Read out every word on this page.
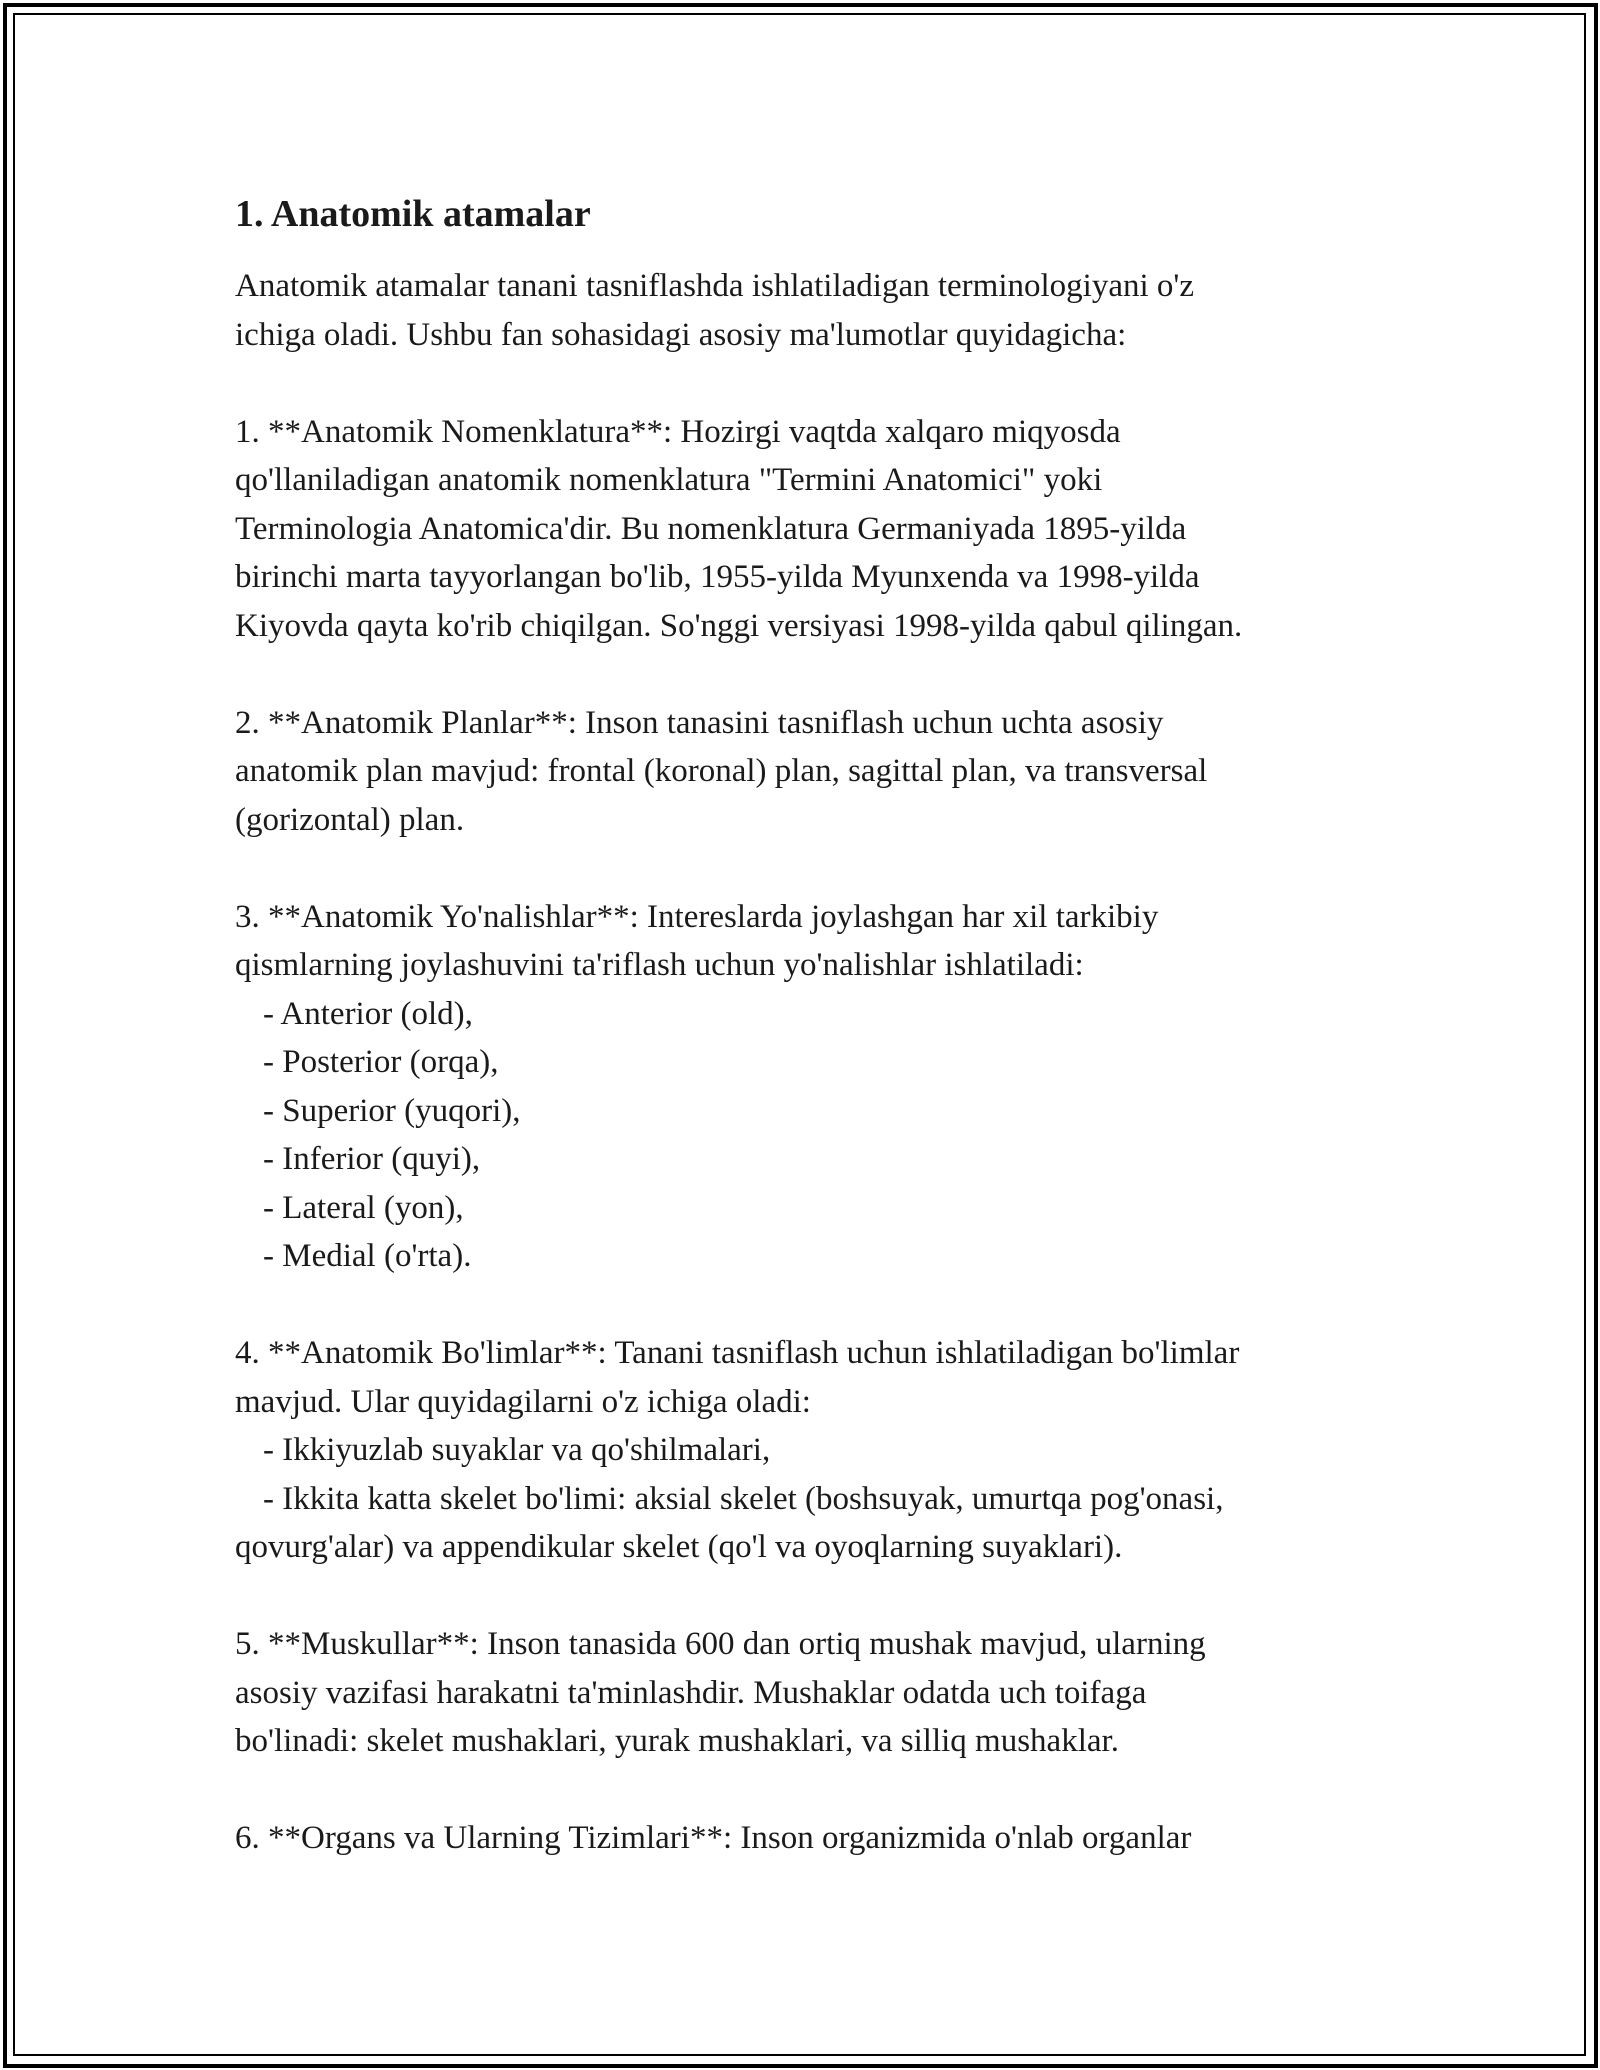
1. Anatomik atamalar
Anatomik atamalar tanani tasniflashda ishlatiladigan terminologiyani o'z
ichiga oladi. Ushbu fan sohasidagi asosiy ma'lumotlar quyidagicha:
1. **Anatomik Nomenklatura**: Hozirgi vaqtda xalqaro miqyosda
qo'llaniladigan anatomik nomenklatura "Termini Anatomici" yoki
Terminologia Anatomica'dir. Bu nomenklatura Germaniyada 1895-yilda
birinchi marta tayyorlangan bo'lib, 1955-yilda Myunxenda va 1998-yilda
Kiyovda qayta ko'rib chiqilgan. So'nggi versiyasi 1998-yilda qabul qilingan.
2. **Anatomik Planlar**: Inson tanasini tasniflash uchun uchta asosiy
anatomik plan mavjud: frontal (koronal) plan, sagittal plan, va transversal
(gorizontal) plan.
3. **Anatomik Yo'nalishlar**: Intereslarda joylashgan har xil tarkibiy
qismlarning joylashuvini ta'riflash uchun yo'nalishlar ishlatiladi:
- Anterior (old),
- Posterior (orqa),
- Superior (yuqori),
- Inferior (quyi),
- Lateral (yon),
- Medial (o'rta).
4. **Anatomik Bo'limlar**: Tanani tasniflash uchun ishlatiladigan bo'limlar
mavjud. Ular quyidagilarni o'z ichiga oladi:
- Ikkiyuzlab suyaklar va qo'shilmalari,
- Ikkita katta skelet bo'limi: aksial skelet (boshsuyak, umurtqa pog'onasi,
qovurg'alar) va appendikular skelet (qo'l va oyoqlarning suyaklari).
5. **Muskullar**: Inson tanasida 600 dan ortiq mushak mavjud, ularning
asosiy vazifasi harakatni ta'minlashdir. Mushaklar odatda uch toifaga
bo'linadi: skelet mushaklari, yurak mushaklari, va silliq mushaklar.
6. **Organs va Ularning Tizimlari**: Inson organizmida o'nlab organlar
